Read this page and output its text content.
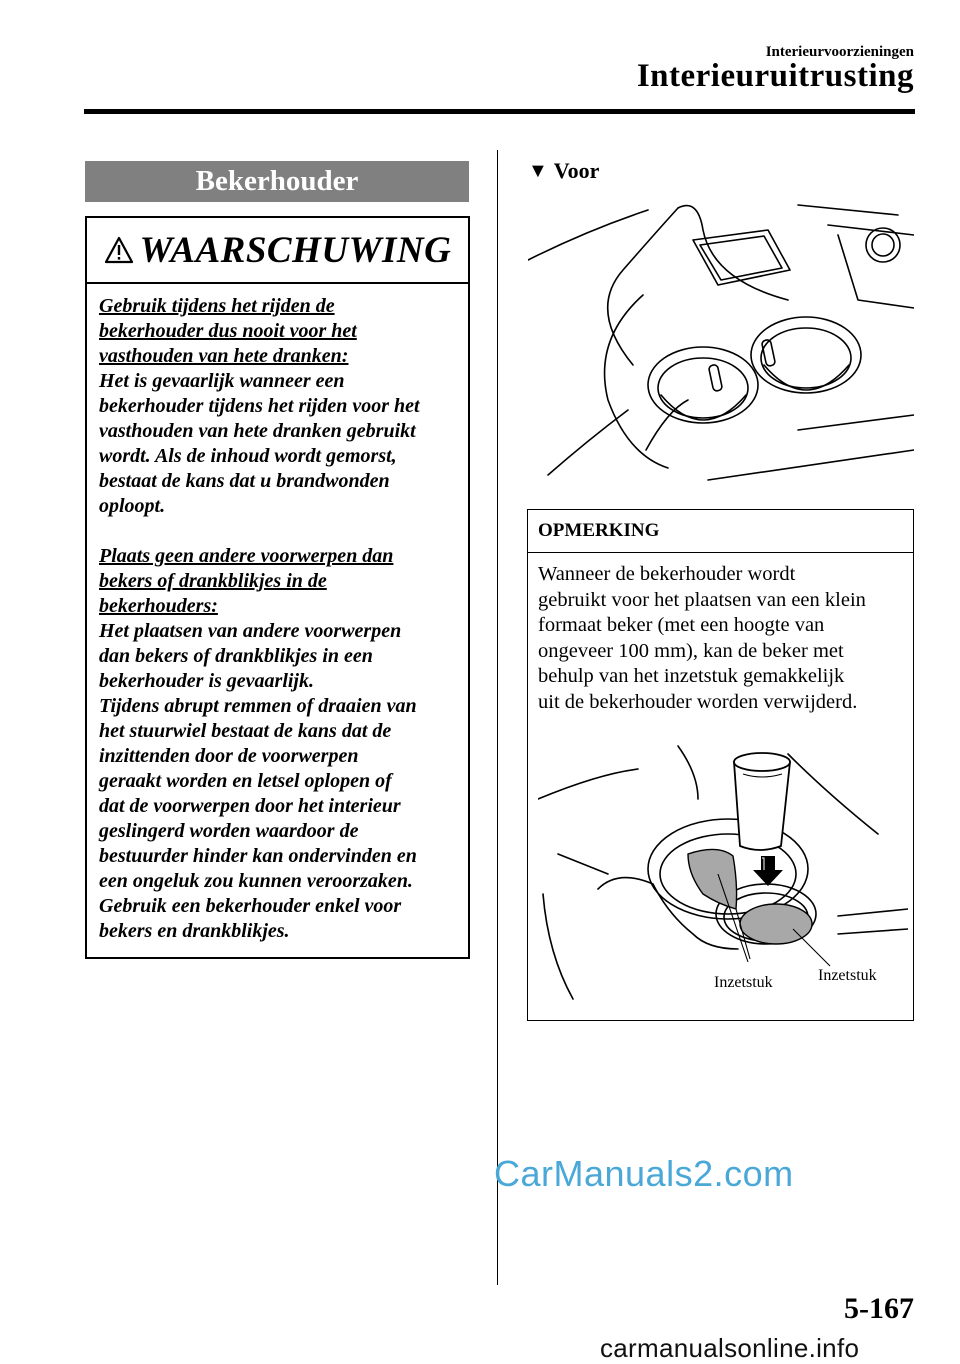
Interieurvoorzieningen
Interieuruitrusting
Bekerhouder
WAARSCHUWING

Gebruik tijdens het rijden de

bekerhouder dus nooit voor het

vasthouden van hete dranken:

Het is gevaarlijk wanneer een

bekerhouder tijdens het rijden voor het

vasthouden van hete dranken gebruikt

wordt. Als de inhoud wordt gemorst,

bestaat de kans dat u brandwonden

oploopt.

Plaats geen andere voorwerpen dan

bekers of drankblikjes in de

bekerhouders:

Het plaatsen van andere voorwerpen

dan bekers of drankblikjes in een

bekerhouder is gevaarlijk.

Tijdens abrupt remmen of draaien van

het stuurwiel bestaat de kans dat de

inzittenden door de voorwerpen

geraakt worden en letsel oplopen of

dat de voorwerpen door het interieur

geslingerd worden waardoor de

bestuurder hinder kan ondervinden en

een ongeluk zou kunnen veroorzaken.

Gebruik een bekerhouder enkel voor

bekers en drankblikjes.

▼ Voor
OPMERKING
Wanneer de bekerhouder wordt
gebruikt voor het plaatsen van een klein
formaat beker (met een hoogte van
ongeveer 100 mm), kan de beker met
behulp van het inzetstuk gemakkelijk
uit de bekerhouder worden verwijderd.
Inzetstuk	Inzetstuk
CarManuals2.com
5-167
carmanualsonline.info
